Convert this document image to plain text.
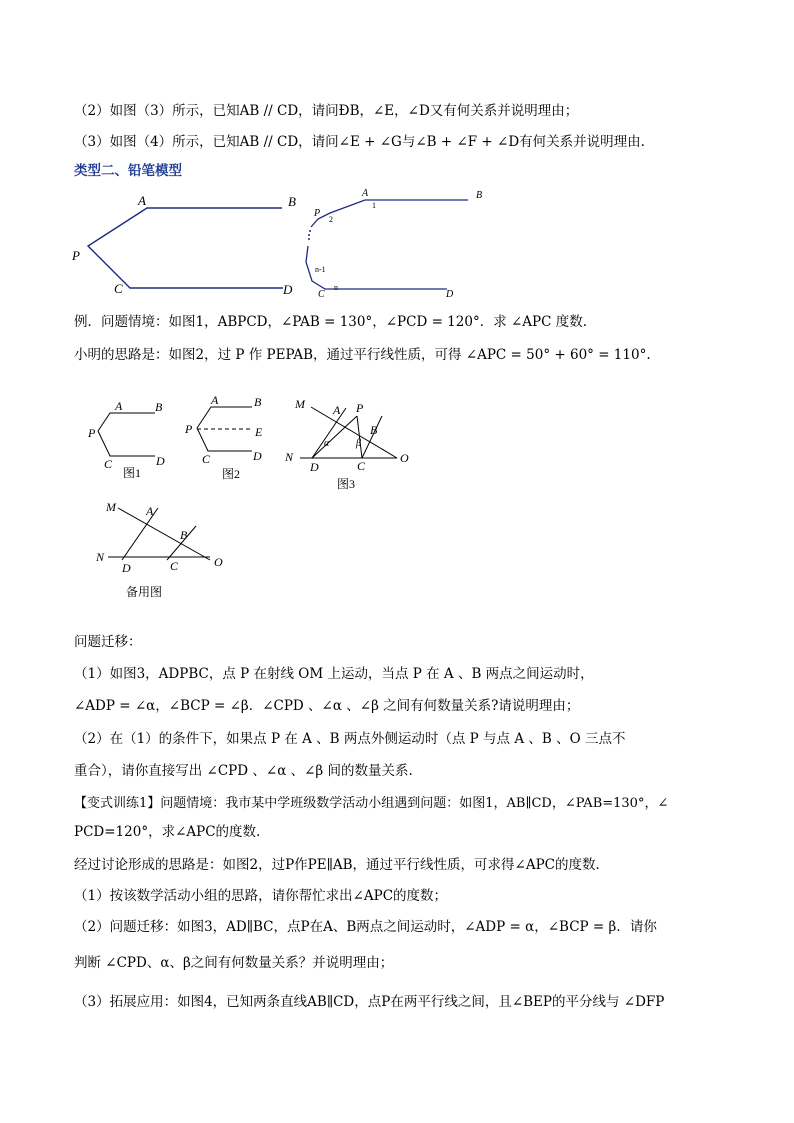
（2）如图（3）所示，已知AB // CD，请问ÐB，∠E，∠D又有何关系并说明理由；
（3）如图（4）所示，已知AB // CD，请问∠E + ∠G与∠B + ∠F + ∠D有何关系并说明理由.
类型二、铅笔模型
例．问题情境：如图1，ABPCD，∠PAB = 130°，∠PCD = 120°．求 ∠APC 度数.
小明的思路是：如图2，过 P 作 PEPAB，通过平行线性质，可得 ∠APC = 50° + 60° = 110°.
问题迁移：
（1）如图3，ADPBC，点 P 在射线 OM 上运动，当点 P 在 A 、B 两点之间运动时，
∠ADP = ∠α，∠BCP = ∠β．∠CPD 、∠α 、∠β 之间有何数量关系?请说明理由；
（2）在（1）的条件下，如果点 P 在 A 、B 两点外侧运动时（点 P 与点 A 、B 、O 三点不
重合），请你直接写出 ∠CPD 、∠α 、∠β 间的数量关系.
【变式训练1】问题情境：我市某中学班级数学活动小组遇到问题：如图1，AB∥CD，∠PAB=130°，∠
PCD=120°，求∠APC的度数.
经过讨论形成的思路是：如图2，过P作PE∥AB，通过平行线性质，可求得∠APC的度数.
（1）按该数学活动小组的思路，请你帮忙求出∠APC的度数；
（2）问题迁移：如图3，AD∥BC，点P在A、B两点之间运动时，∠ADP = α，∠BCP = β．请你
判断 ∠CPD、α、β之间有何数量关系？并说明理由；
（3）拓展应用：如图4，已知两条直线AB∥CD，点P在两平行线之间，且∠BEP的平分线与 ∠DFP
A	B
P
C	D
A	B
P
1
2
n-1
n
C	D
A	B
P
C	D
图1
A	B
P	E
C	D
图2
M A P
B
N
D	C
O
α	β
图3
M	A
B
N
D	C	O
备用图
